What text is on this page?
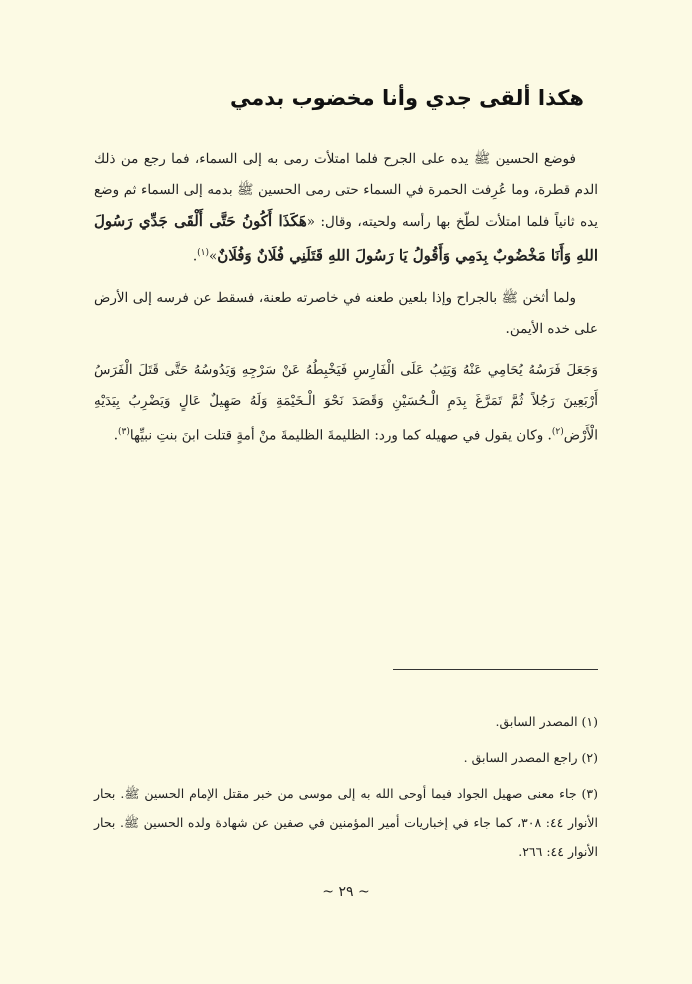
هكذا ألقى جدي وأنا مخضوب بدمي

فوضع الحسين ﷺ يده على الجرح فلما امتلأت رمى به إلى السماء، فما رجع من ذلك الدم قطرة، وما عُرِفت الحمرة في السماء حتى رمى الحسين ﷺ بدمه إلى السماء ثم وضع يده ثانياً فلما امتلأت لطّخ بها رأسه ولحيته، وقال: «هَكَذَا أَكُونُ حَتَّى أَلْقَى جَدِّي رَسُولَ اللهِ وَأَنَا مَخْضُوبٌ بِدَمِي وَأَقُولُ يَا رَسُولَ اللهِ قَتَلَنِي فُلَانٌ وَفُلَانٌ»$^{(١)}$.

ولما أثخن ﷺ بالجراح وإذا بلعين طعنه في خاصرته طعنة، فسقط عن فرسه إلى الأرض على خده الأيمن.

وَجَعَلَ فَرَسُهُ يُحَامِي عَنْهُ وَيَثِبُ عَلَى الْفَارِسِ فَيَخْبِطُهُ عَنْ سَرْجِهِ وَيَدُوسُهُ حَتَّى قَتَلَ الْفَرَسُ أَرْبَعِينَ رَجُلاً ثُمَّ تَمَرَّغَ بِدَمِ الْـحُسَيْنِ وَقَصَدَ نَحْوَ الْـخَيْمَةِ وَلَهُ صَهِيلٌ عَالٍ وَيَضْرِبُ بِيَدَيْهِ الْأَرْض$^{(٢)}$. وكان يقول في صهيله كما ورد: الظليمةَ الظليمةَ منْ أمةٍ قتلت ابنَ بنتِ نبيِّها$^{(٣)}$.

(١) المصدر السابق.
(٢) راجع المصدر السابق .
(٣) جاء معنى صهيل الجواد فيما أوحى الله به إلى موسى من خبر مقتل الإمام الحسين ﷺ. بحار الأنوار ٤٤: ٣٠٨، كما جاء في إخباريات أمير المؤمنين في صفين عن شهادة ولده الحسين ﷺ. بحار الأنوار ٤٤: ٢٦٦.
~ ٢٩ ~
